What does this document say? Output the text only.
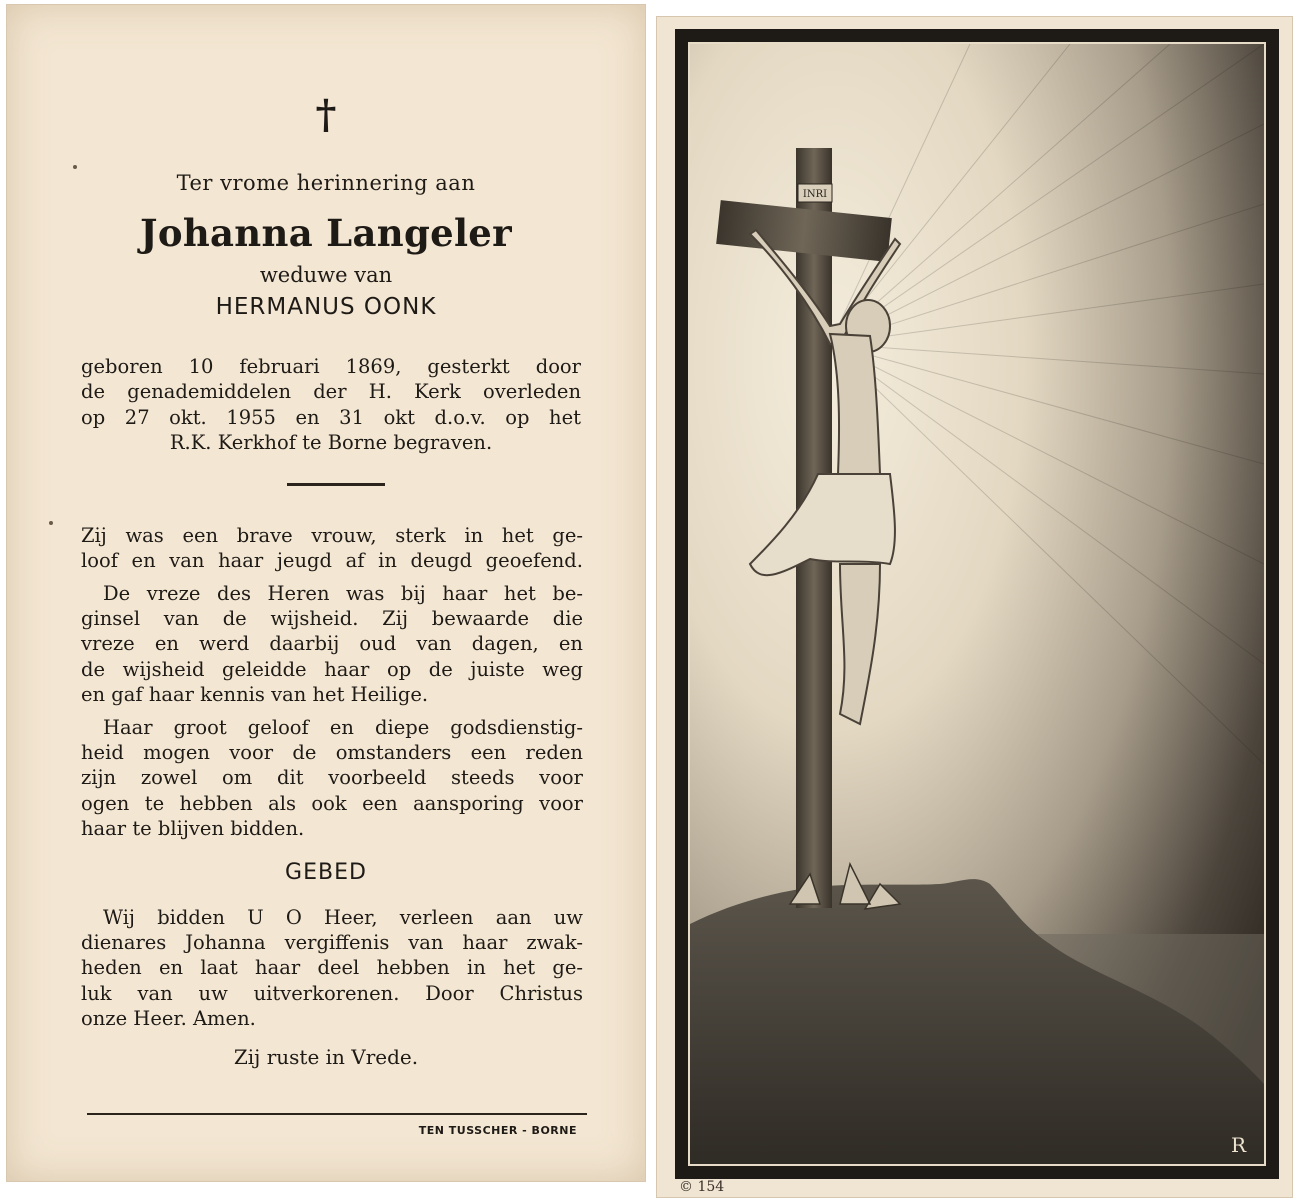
†
Ter vrome herinnering aan
Johanna Langeler
weduwe van
HERMANUS OONK
geboren 10 februari 1869, gesterkt door
de genademiddelen der H. Kerk overleden
op 27 okt. 1955 en 31 okt d.o.v. op het
R.K. Kerkhof te Borne begraven.
Zij was een brave vrouw, sterk in het ge-
loof en van haar jeugd af in deugd geoefend.
De vreze des Heren was bij haar het be-
ginsel van de wijsheid. Zij bewaarde die
vreze en werd daarbij oud van dagen, en
de wijsheid geleidde haar op de juiste weg
en gaf haar kennis van het Heilige.
Haar groot geloof en diepe godsdienstig-
heid mogen voor de omstanders een reden
zijn zowel om dit voorbeeld steeds voor
ogen te hebben als ook een aansporing voor
haar te blijven bidden.
GEBED
Wij bidden U O Heer, verleen aan uw
dienares Johanna vergiffenis van haar zwak-
heden en laat haar deel hebben in het ge-
luk van uw uitverkorenen. Door Christus
onze Heer. Amen.
Zij ruste in Vrede.
TEN TUSSCHER - BORNE
INRI
R
© 154
